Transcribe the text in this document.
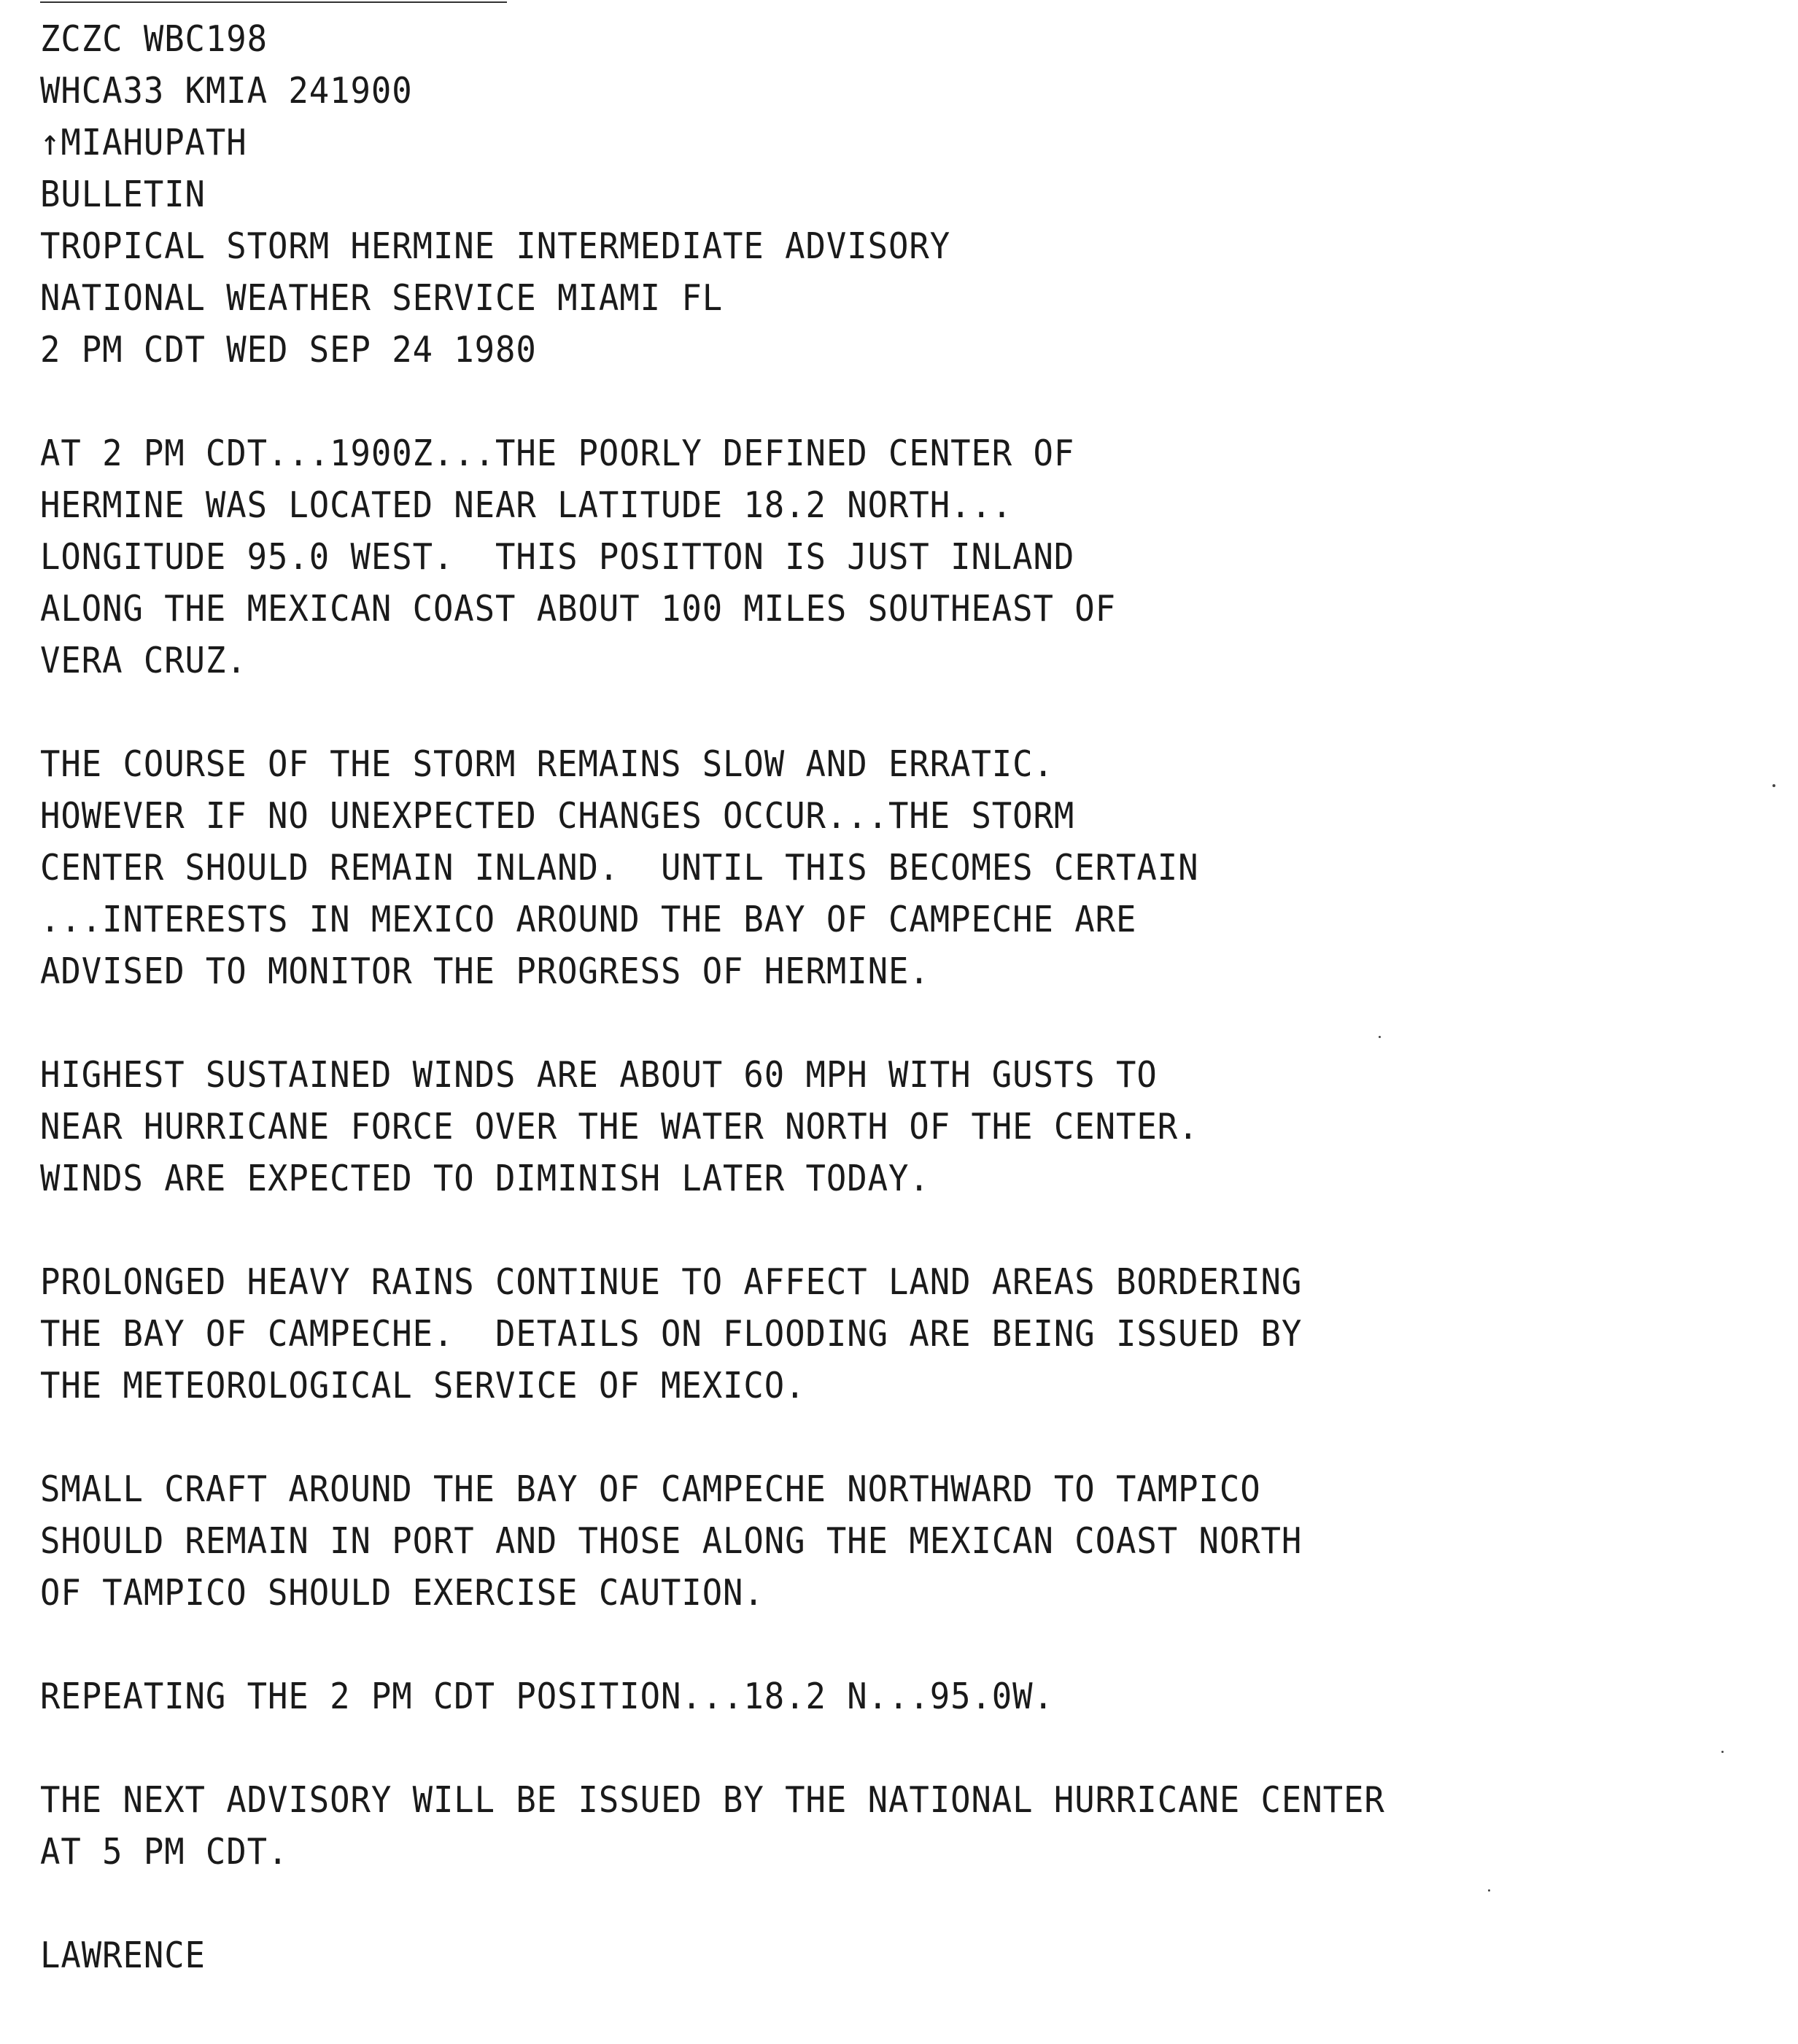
ZCZC WBC198
WHCA33 KMIA 241900
↑MIAHUPATH
BULLETIN
TROPICAL STORM HERMINE INTERMEDIATE ADVISORY
NATIONAL WEATHER SERVICE MIAMI FL
2 PM CDT WED SEP 24 1980
AT 2 PM CDT...1900Z...THE POORLY DEFINED CENTER OF
HERMINE WAS LOCATED NEAR LATITUDE 18.2 NORTH...
LONGITUDE 95.0 WEST.  THIS POSITTON IS JUST INLAND
ALONG THE MEXICAN COAST ABOUT 100 MILES SOUTHEAST OF
VERA CRUZ.
THE COURSE OF THE STORM REMAINS SLOW AND ERRATIC.
HOWEVER IF NO UNEXPECTED CHANGES OCCUR...THE STORM
CENTER SHOULD REMAIN INLAND.  UNTIL THIS BECOMES CERTAIN
...INTERESTS IN MEXICO AROUND THE BAY OF CAMPECHE ARE
ADVISED TO MONITOR THE PROGRESS OF HERMINE.
HIGHEST SUSTAINED WINDS ARE ABOUT 60 MPH WITH GUSTS TO
NEAR HURRICANE FORCE OVER THE WATER NORTH OF THE CENTER.
WINDS ARE EXPECTED TO DIMINISH LATER TODAY.
PROLONGED HEAVY RAINS CONTINUE TO AFFECT LAND AREAS BORDERING
THE BAY OF CAMPECHE.  DETAILS ON FLOODING ARE BEING ISSUED BY
THE METEOROLOGICAL SERVICE OF MEXICO.
SMALL CRAFT AROUND THE BAY OF CAMPECHE NORTHWARD TO TAMPICO
SHOULD REMAIN IN PORT AND THOSE ALONG THE MEXICAN COAST NORTH
OF TAMPICO SHOULD EXERCISE CAUTION.
REPEATING THE 2 PM CDT POSITION...18.2 N...95.0W.
THE NEXT ADVISORY WILL BE ISSUED BY THE NATIONAL HURRICANE CENTER
AT 5 PM CDT.
LAWRENCE
